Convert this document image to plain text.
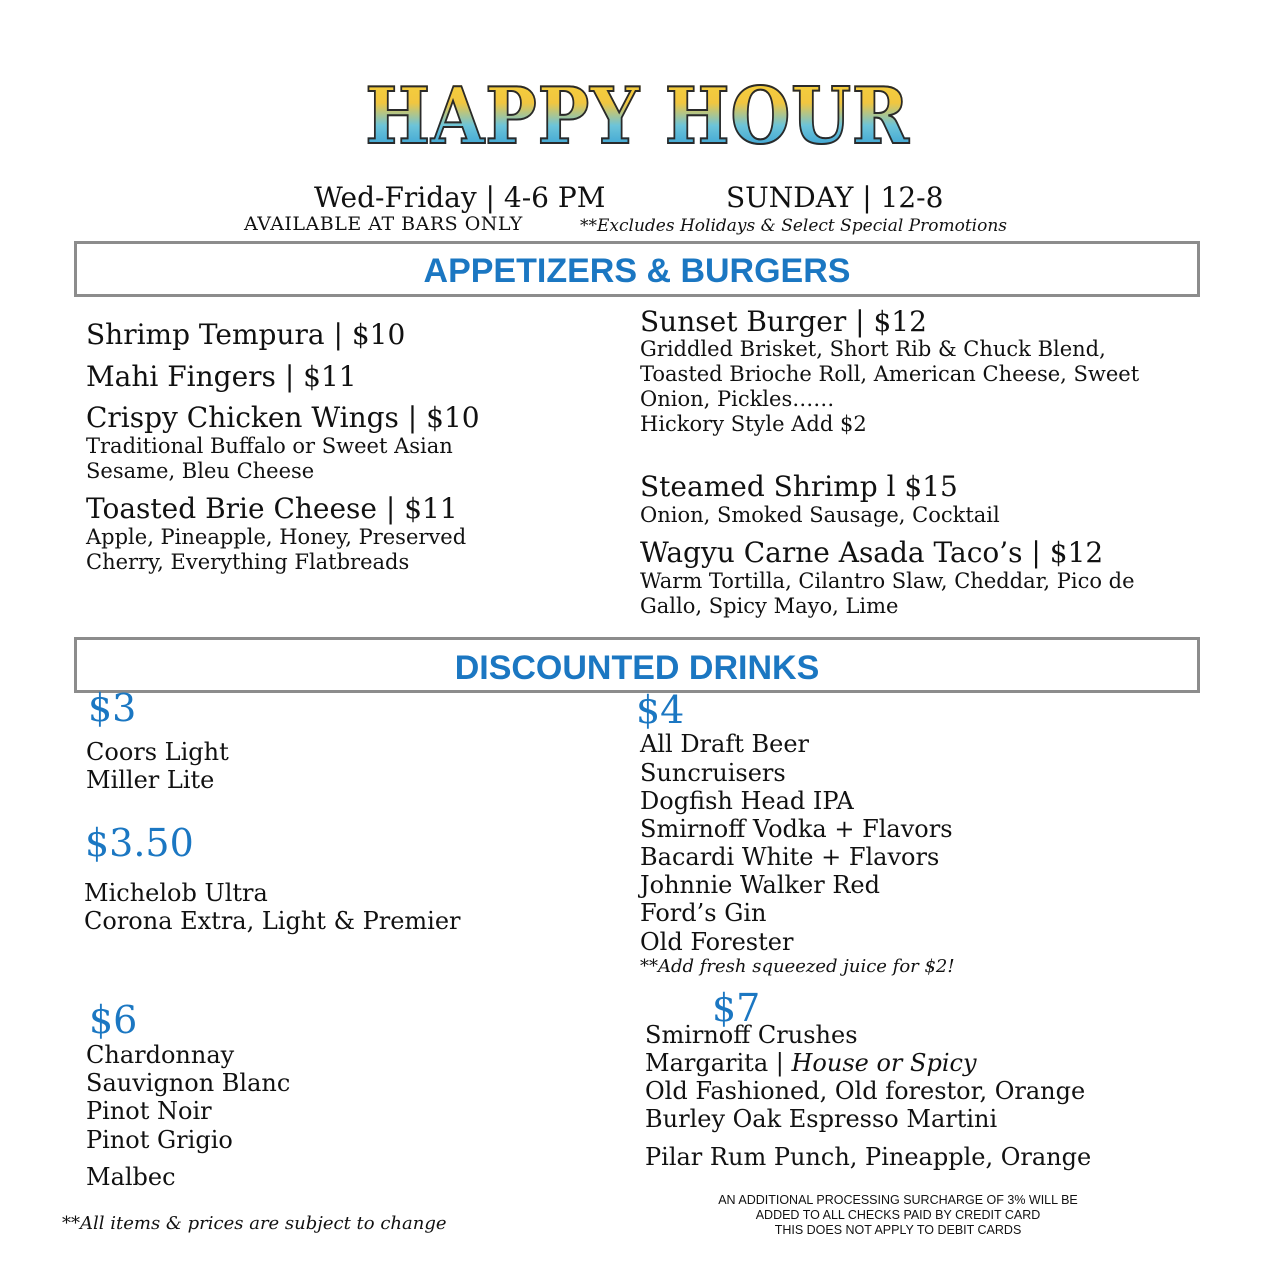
HAPPY HOUR
Wed-Friday | 4-6 PM	SUNDAY | 12-8
AVAILABLE AT BARS ONLY	**Excludes Holidays & Select Special Promotions
APPETIZERS & BURGERS
Shrimp Tempura | $10
Mahi Fingers | $11
Crispy Chicken Wings | $10
Traditional Buffalo or Sweet Asian
Sesame, Bleu Cheese
Toasted Brie Cheese | $11
Apple, Pineapple, Honey, Preserved
Cherry, Everything Flatbreads
Sunset Burger | $12
Griddled Brisket, Short Rib & Chuck Blend,
Toasted Brioche Roll, American Cheese, Sweet
Onion, Pickles……
Hickory Style Add $2
Steamed Shrimp l $15
Onion, Smoked Sausage, Cocktail
Wagyu Carne Asada Taco’s | $12
Warm Tortilla, Cilantro Slaw, Cheddar, Pico de
Gallo, Spicy Mayo, Lime
DISCOUNTED DRINKS
$3
Coors Light
Miller Lite
$3.50
Michelob Ultra
Corona Extra, Light & Premier
$6
Chardonnay
Sauvignon Blanc
Pinot Noir
Pinot Grigio
Malbec
$4
All Draft Beer
Suncruisers
Dogfish Head IPA
Smirnoff Vodka + Flavors
Bacardi White + Flavors
Johnnie Walker Red
Ford’s Gin
Old Forester
**Add fresh squeezed juice for $2!
$7
Smirnoff Crushes
Margarita | House or Spicy
Old Fashioned, Old forestor, Orange
Burley Oak Espresso Martini
Pilar Rum Punch, Pineapple, Orange
**All items & prices are subject to change
AN ADDITIONAL PROCESSING SURCHARGE OF 3% WILL BE
ADDED TO ALL CHECKS PAID BY CREDIT CARD
THIS DOES NOT APPLY TO DEBIT CARDS
